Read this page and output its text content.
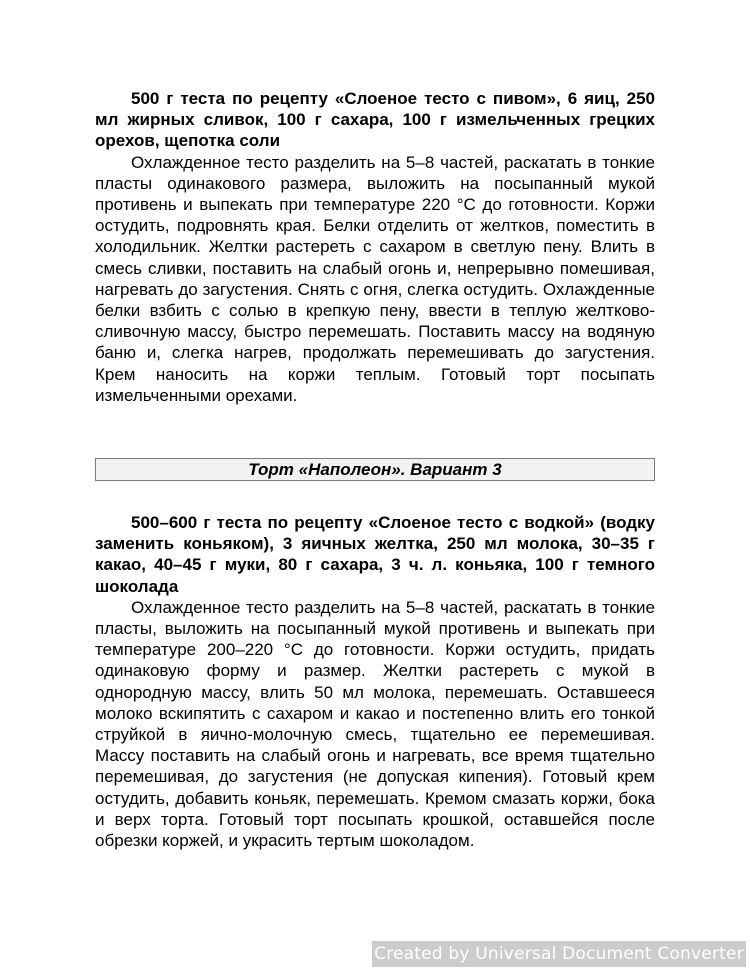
500 г теста по рецепту «Слоеное тесто с пивом», 6 яиц, 250 мл жирных сливок, 100 г сахара, 100 г измельченных грецких орехов, щепотка соли

Охлажденное тесто разделить на 5–8 частей, раскатать в тонкие пласты одинакового размера, выложить на посыпанный мукой противень и выпекать при температуре 220 °С до готовности. Коржи остудить, подровнять края. Белки отделить от желтков, поместить в холодильник. Желтки растереть с сахаром в светлую пену. Влить в смесь сливки, поставить на слабый огонь и, непрерывно помешивая, нагревать до загустения. Снять с огня, слегка остудить. Охлажденные белки взбить с солью в крепкую пену, ввести в теплую желтково-сливочную массу, быстро перемешать. Поставить массу на водяную баню и, слегка нагрев, продолжать перемешивать до загустения. Крем наносить на коржи теплым. Готовый торт посыпать измельченными орехами.

Торт «Наполеон». Вариант 3

500–600 г теста по рецепту «Слоеное тесто с водкой» (водку заменить коньяком), 3 яичных желтка, 250 мл молока, 30–35 г какао, 40–45 г муки, 80 г сахара, 3 ч. л. коньяка, 100 г темного шоколада

Охлажденное тесто разделить на 5–8 частей, раскатать в тонкие пласты, выложить на посыпанный мукой противень и выпекать при температуре 200–220 °С до готовности. Коржи остудить, придать одинаковую форму и размер. Желтки растереть с мукой в однородную массу, влить 50 мл молока, перемешать. Оставшееся молоко вскипятить с сахаром и какао и постепенно влить его тонкой струйкой в яично-молочную смесь, тщательно ее перемешивая. Массу поставить на слабый огонь и нагревать, все время тщательно перемешивая, до загустения (не допуская кипения). Готовый крем остудить, добавить коньяк, перемешать. Кремом смазать коржи, бока и верх торта. Готовый торт посыпать крошкой, оставшейся после обрезки коржей, и украсить тертым шоколадом.

Created by Universal Document Converter
